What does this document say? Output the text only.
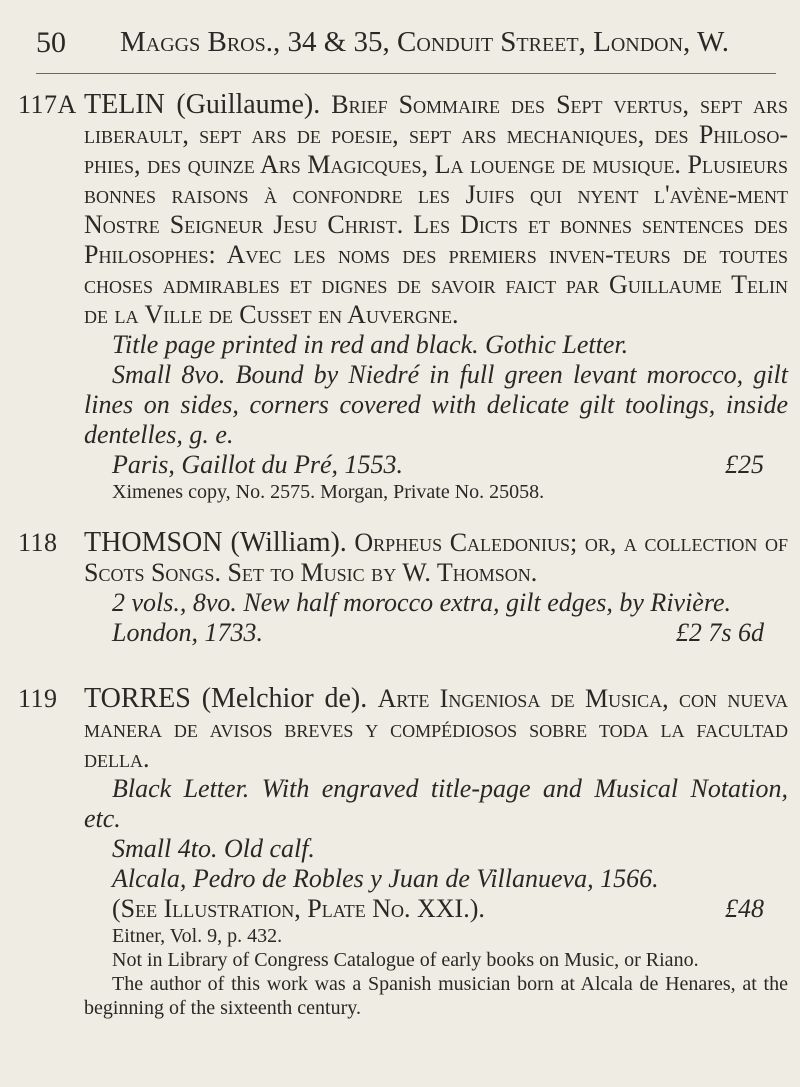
50 Maggs Bros., 34 & 35, Conduit Street, London, W.
117A TELIN (Guillaume). Brief Sommaire des Sept vertus, sept ars liberault, sept ars de poesie, sept ars mechaniques, des Philoso-phies, des quinze Ars Magicques, La louenge de musique. Plusieurs bonnes raisons à confondre les Juifs qui nyent l'avène-ment Nostre Seigneur Jesu Christ. Les Dicts et bonnes sentences des Philosophes: Avec les noms des premiers inven-teurs de toutes choses admirables et dignes de savoir faict par Guillaume Telin de la Ville de Cusset en Auvergne.

Title page printed in red and black. Gothic Letter.

Small 8vo. Bound by Niedré in full green levant morocco, gilt lines on sides, corners covered with delicate gilt toolings, inside dentelles, g. e.

Paris, Gaillot du Pré, 1553.	£25

Ximenes copy, No. 2575. Morgan, Private No. 25058.

118 THOMSON (William). Orpheus Caledonius; or, a collection of Scots Songs. Set to Music by W. Thomson.

2 vols., 8vo. New half morocco extra, gilt edges, by Rivière.

London, 1733.	£2 7s 6d
119 TORRES (Melchior de). Arte Ingeniosa de Musica, con nueva manera de avisos breves y compédiosos sobre toda la facultad della.

Black Letter. With engraved title-page and Musical Notation, etc.

Small 4to. Old calf.

Alcala, Pedro de Robles y Juan de Villanueva, 1566.

(See Illustration, Plate No. XXI.).	£48

Eitner, Vol. 9, p. 432.

Not in Library of Congress Catalogue of early books on Music, or Riano.

The author of this work was a Spanish musician born at Alcala de Henares, at the beginning of the sixteenth century.
